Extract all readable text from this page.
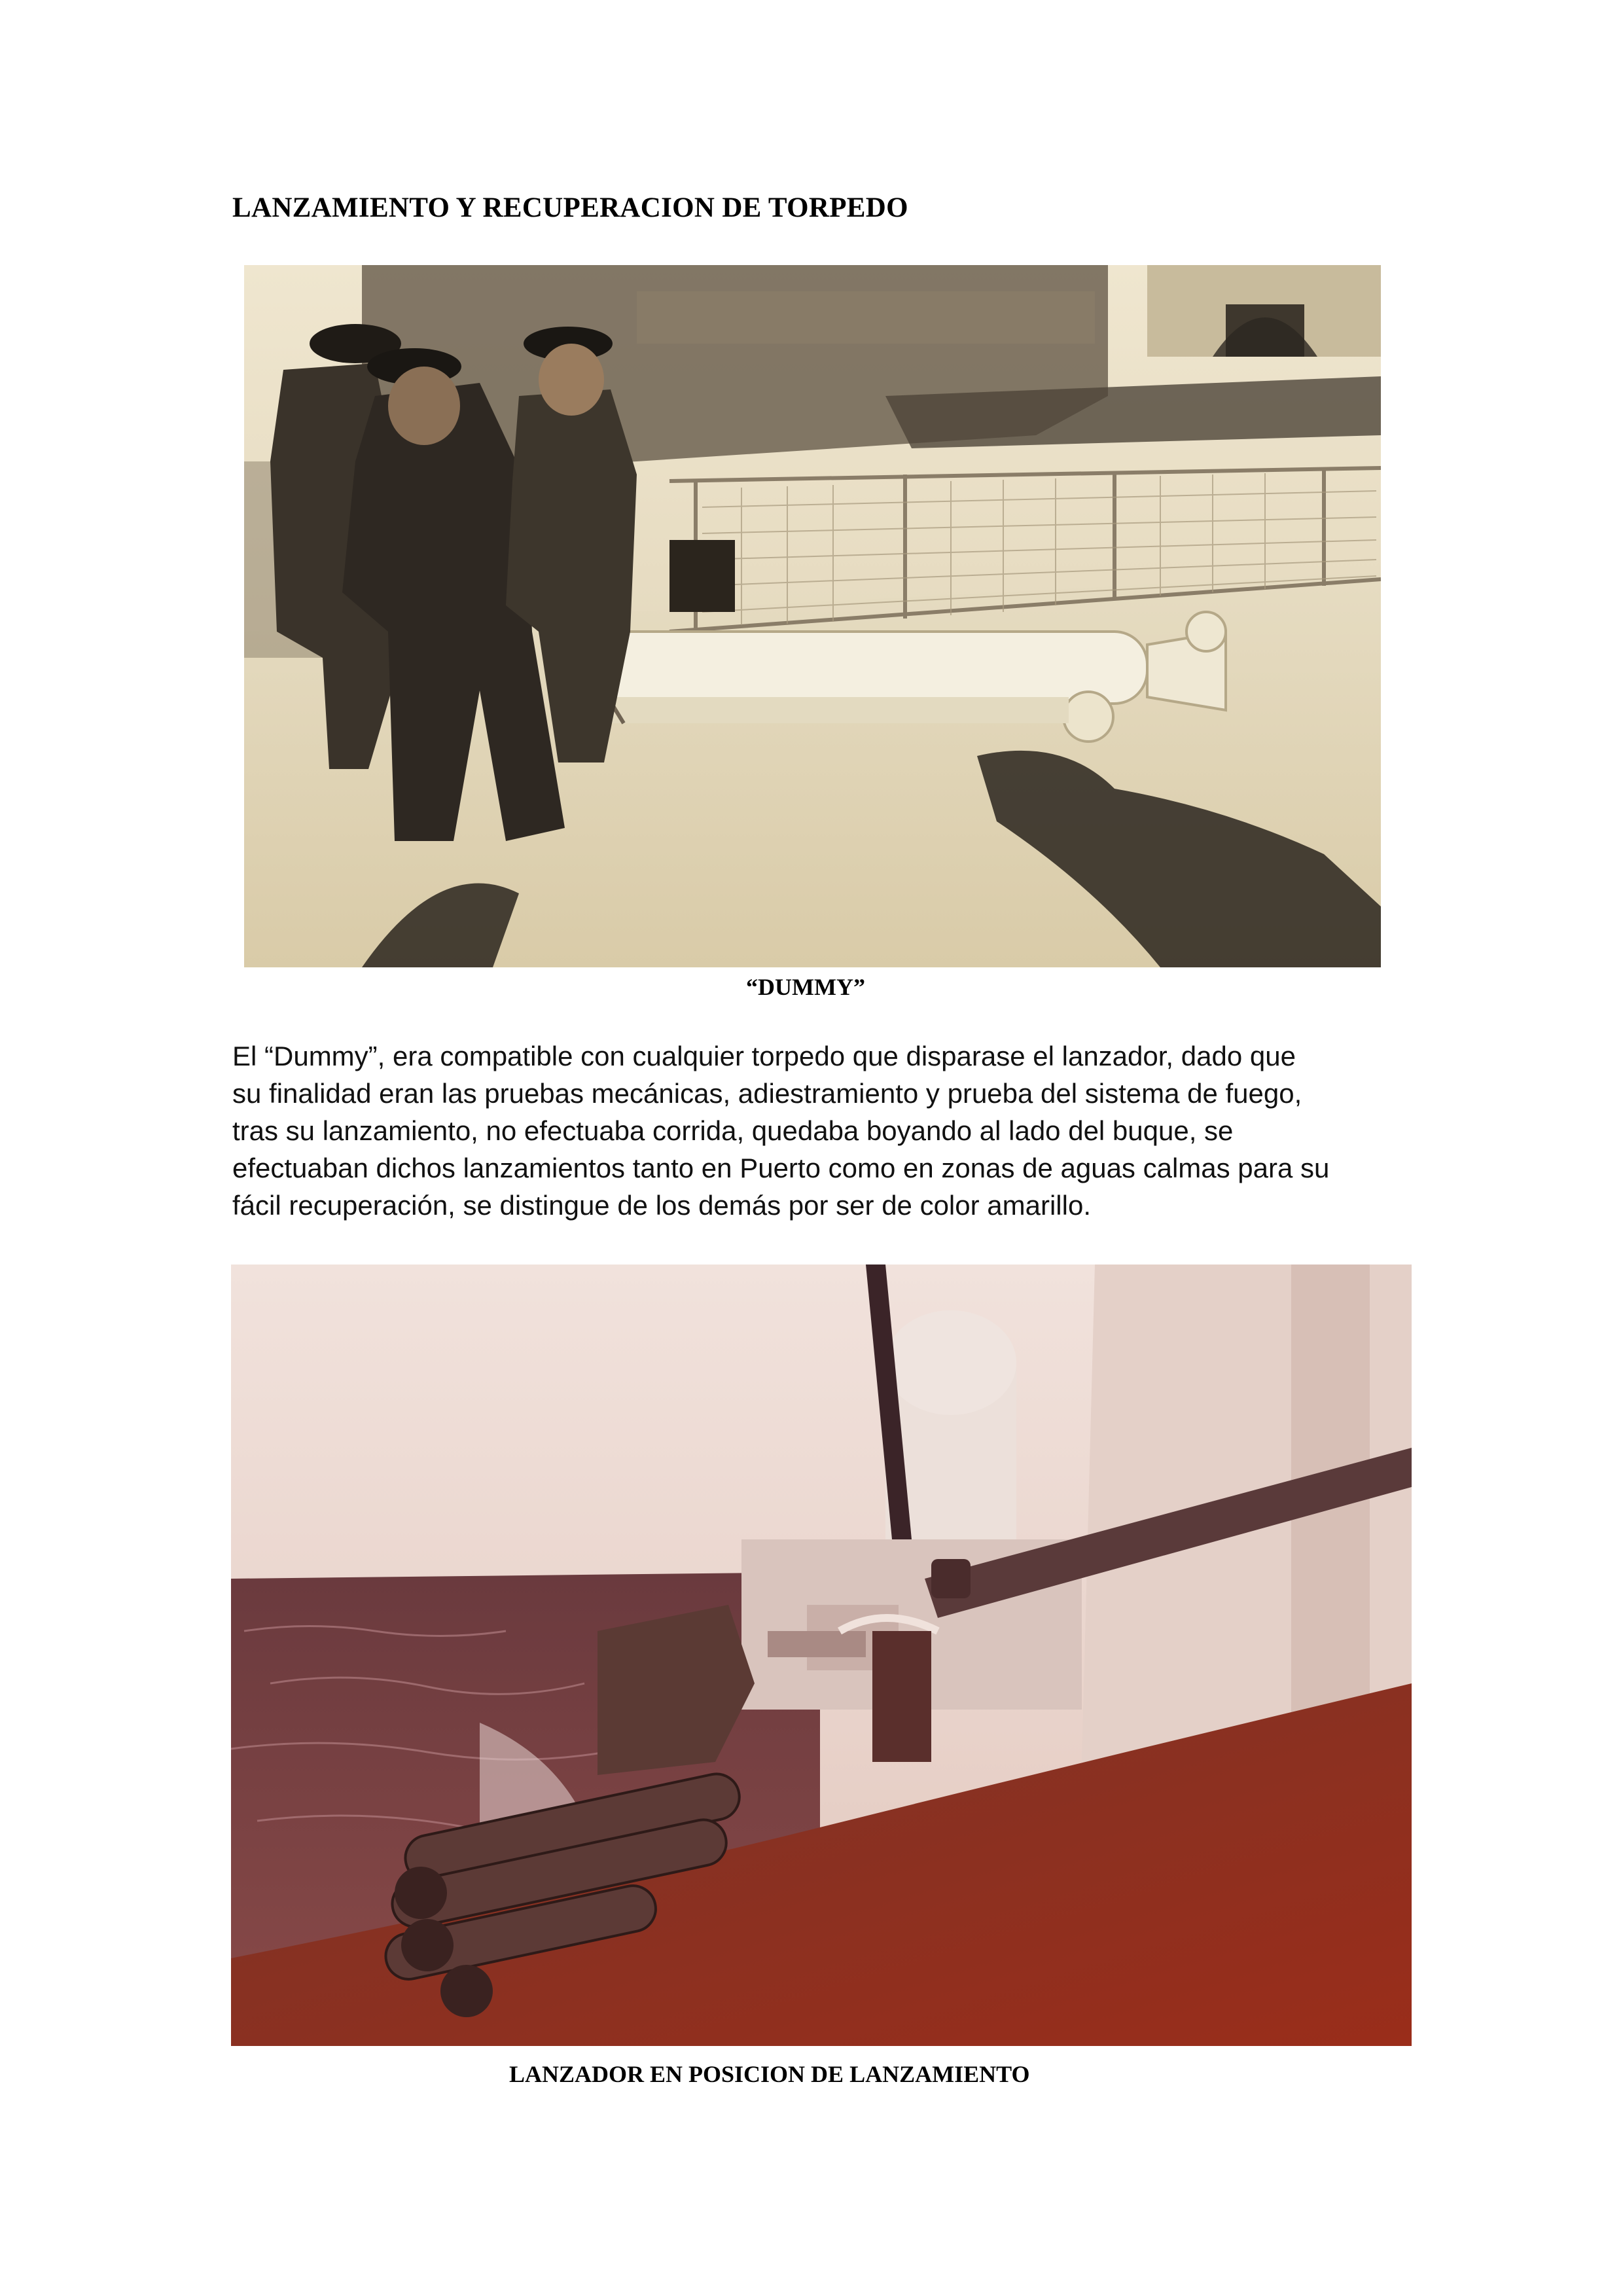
LANZAMIENTO Y RECUPERACION DE TORPEDO
“DUMMY”
El “Dummy”, era compatible con cualquier torpedo que disparase el lanzador, dado que
su finalidad eran las pruebas mecánicas, adiestramiento y prueba del sistema de fuego,
tras su lanzamiento, no efectuaba corrida, quedaba boyando al lado del buque, se
efectuaban dichos lanzamientos tanto en Puerto como en zonas de aguas calmas para su
fácil recuperación, se distingue de los demás por ser de color amarillo.
LANZADOR EN POSICION DE LANZAMIENTO
